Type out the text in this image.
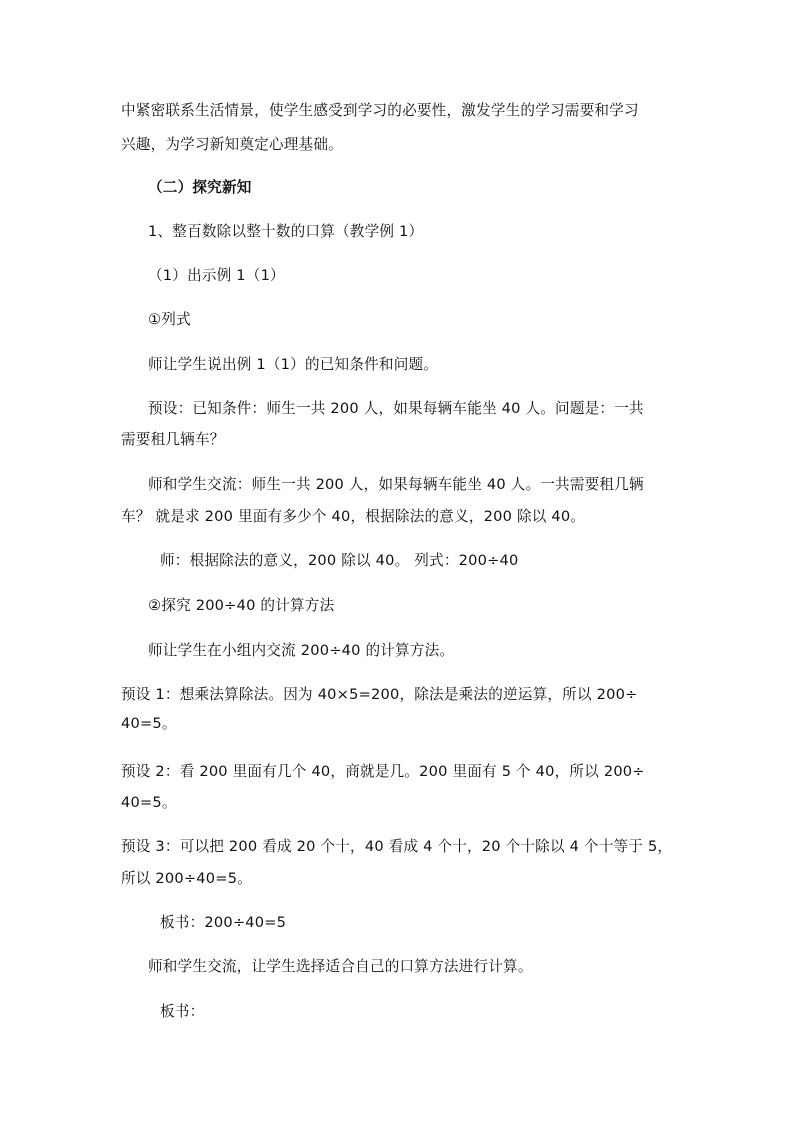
中紧密联系生活情景，使学生感受到学习的必要性，激发学生的学习需要和学习
兴趣，为学习新知奠定心理基础。
（二）探究新知
1、整百数除以整十数的口算（教学例 1）
（1）出示例 1（1）
①列式
师让学生说出例 1（1）的已知条件和问题。
预设：已知条件：师生一共 200 人，如果每辆车能坐 40 人。问题是：一共
需要租几辆车？
师和学生交流：师生一共 200 人，如果每辆车能坐 40 人。一共需要租几辆
车？ 就是求 200 里面有多少个 40，根据除法的意义，200 除以 40。
师：根据除法的意义，200 除以 40。 列式：200÷40
②探究 200÷40 的计算方法
师让学生在小组内交流 200÷40 的计算方法。
预设 1：想乘法算除法。因为 40×5=200，除法是乘法的逆运算，所以 200÷
40=5。
预设 2：看 200 里面有几个 40，商就是几。200 里面有 5 个 40，所以 200÷
40=5。
预设 3：可以把 200 看成 20 个十，40 看成 4 个十，20 个十除以 4 个十等于 5，
所以 200÷40=5。
板书：200÷40=5
师和学生交流，让学生选择适合自己的口算方法进行计算。
板书：
